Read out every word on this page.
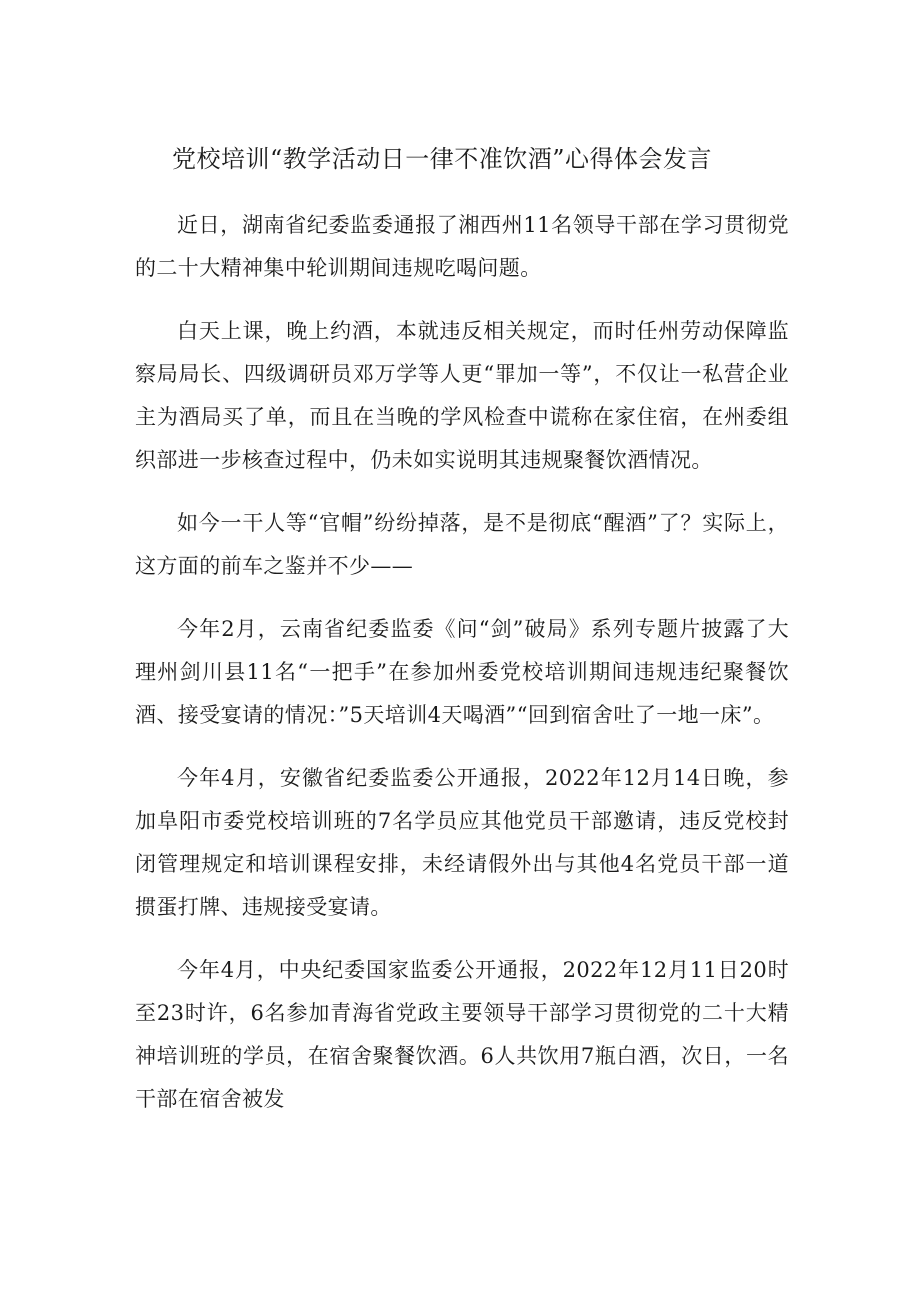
党校培训“教学活动日一律不准饮酒”心得体会发言

近日，湖南省纪委监委通报了湘西州11名领导干部在学习贯彻党的二十大精神集中轮训期间违规吃喝问题。

白天上课，晚上约酒，本就违反相关规定，而时任州劳动保障监察局局长、四级调研员邓万学等人更“罪加一等”，不仅让一私营企业主为酒局买了单，而且在当晚的学风检查中谎称在家住宿，在州委组织部进一步核查过程中，仍未如实说明其违规聚餐饮酒情况。

如今一干人等“官帽”纷纷掉落，是不是彻底“醒酒”了？实际上，这方面的前车之鉴并不少——

今年2月，云南省纪委监委《问“剑”破局》系列专题片披露了大理州剑川县11名“一把手”在参加州委党校培训期间违规违纪聚餐饮酒、接受宴请的情况：”5天培训4天喝酒”“回到宿舍吐了一地一床”。

今年4月，安徽省纪委监委公开通报，2022年12月14日晚，参加阜阳市委党校培训班的7名学员应其他党员干部邀请，违反党校封闭管理规定和培训课程安排，未经请假外出与其他4名党员干部一道掼蛋打牌、违规接受宴请。

今年4月，中央纪委国家监委公开通报，2022年12月11日20时至23时许，6名参加青海省党政主要领导干部学习贯彻党的二十大精神培训班的学员，在宿舍聚餐饮酒。6人共饮用7瓶白酒，次日，一名干部在宿舍被发
